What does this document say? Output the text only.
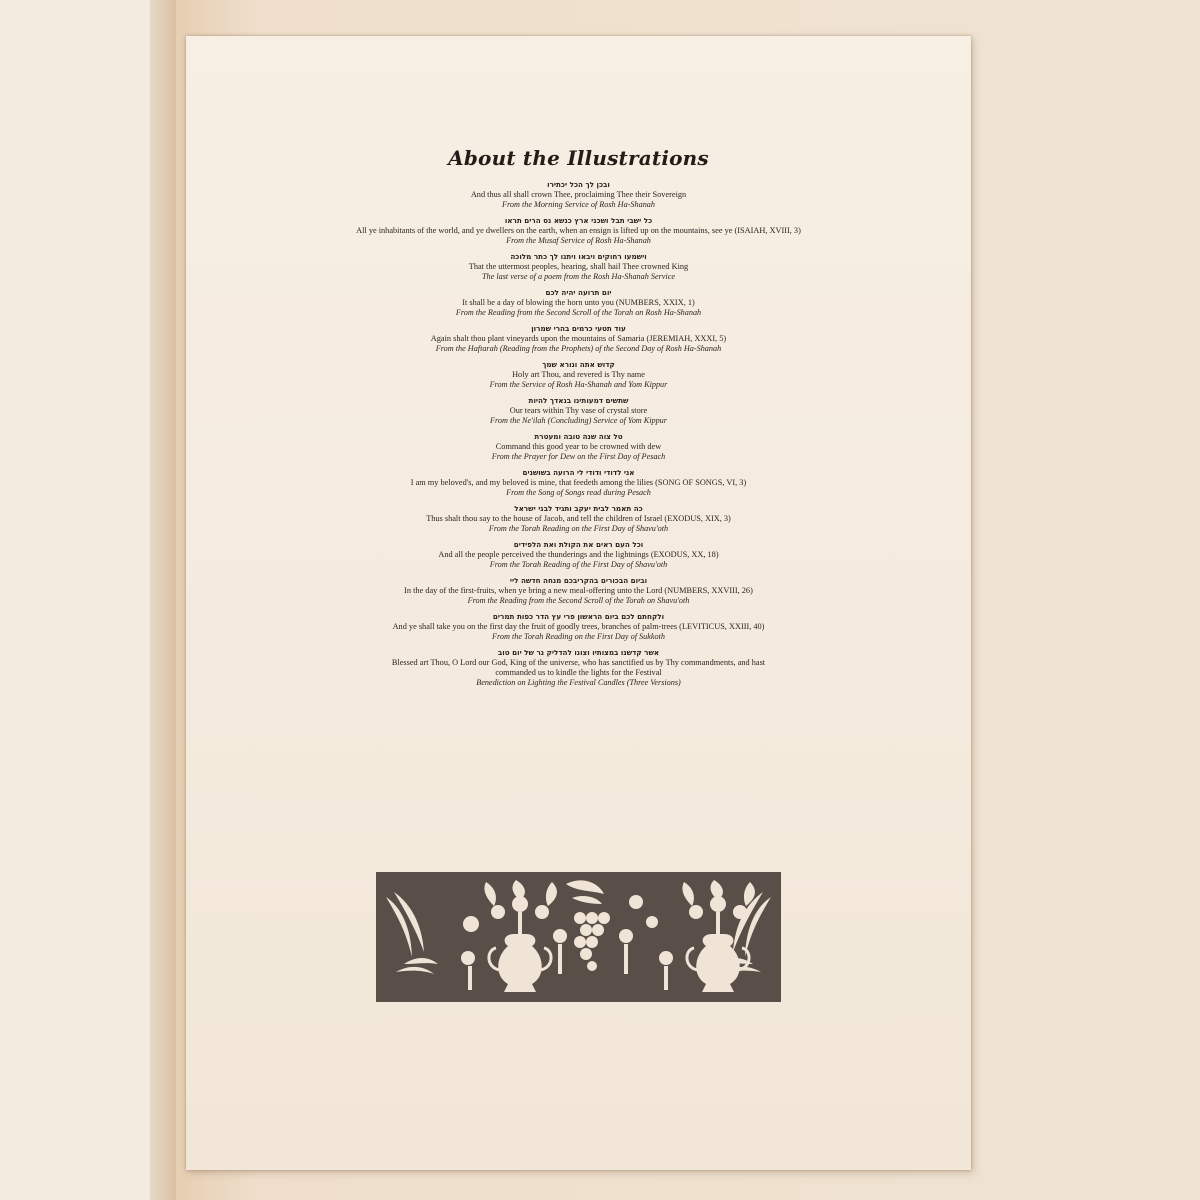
About the Illustrations
ובכן לך הכל יכתירו
And thus all shall crown Thee, proclaiming Thee their Sovereign
From the Morning Service of Rosh Ha-Shanah
כל ישבי תבל ושכני ארץ כנשא נס הרים תראו
All ye inhabitants of the world, and ye dwellers on the earth, when an ensign is lifted up on the mountains, see ye (ISAIAH, XVIII, 3)
From the Musaf Service of Rosh Ha-Shanah
וישמעו רחוקים ויבאו ויתנו לך כתר מלוכה
That the uttermost peoples, hearing, shall hail Thee crowned King
The last verse of a poem from the Rosh Ha-Shanah Service
יום תרועה יהיה לכם
It shall be a day of blowing the horn unto you (NUMBERS, XXIX, 1)
From the Reading from the Second Scroll of the Torah on Rosh Ha-Shanah
עוד תטעי כרמים בהרי שמרון
Again shalt thou plant vineyards upon the mountains of Samaria (JEREMIAH, XXXI, 5)
From the Haftarah (Reading from the Prophets) of the Second Day of Rosh Ha-Shanah
קדוש אתה ונורא שמך
Holy art Thou, and revered is Thy name
From the Service of Rosh Ha-Shanah and Yom Kippur
שתשים דמעותינו בנאדך להיות
Our tears within Thy vase of crystal store
From the Ne'ilah (Concluding) Service of Yom Kippur
טל צוה שנה טובה ומעטרת
Command this good year to be crowned with dew
From the Prayer for Dew on the First Day of Pesach
אני לדודי ודודי לי הרועה בשושנים
I am my beloved's, and my beloved is mine, that feedeth among the lilies (SONG OF SONGS, VI, 3)
From the Song of Songs read during Pesach
כה תאמר לבית יעקב ותגיד לבני ישראל
Thus shalt thou say to the house of Jacob, and tell the children of Israel (EXODUS, XIX, 3)
From the Torah Reading on the First Day of Shavu'oth
וכל העם ראים את הקולת ואת הלפידים
And all the people perceived the thunderings and the lightnings (EXODUS, XX, 18)
From the Torah Reading of the First Day of Shavu'oth
וביום הבכורים בהקריבכם מנחה חדשה ליי
In the day of the first-fruits, when ye bring a new meal-offering unto the Lord (NUMBERS, XXVIII, 26)
From the Reading from the Second Scroll of the Torah on Shavu'oth
ולקחתם לכם ביום הראשון פרי עץ הדר כפות תמרים
And ye shall take you on the first day the fruit of goodly trees, branches of palm-trees (LEVITICUS, XXIII, 40)
From the Torah Reading on the First Day of Sukkoth
אשר קדשנו במצותיו וצונו להדליק נר של יום טוב
Blessed art Thou, O Lord our God, King of the universe, who has sanctified us by Thy commandments, and hast commanded us to kindle the lights for the Festival
Benediction on Lighting the Festival Candles (Three Versions)
